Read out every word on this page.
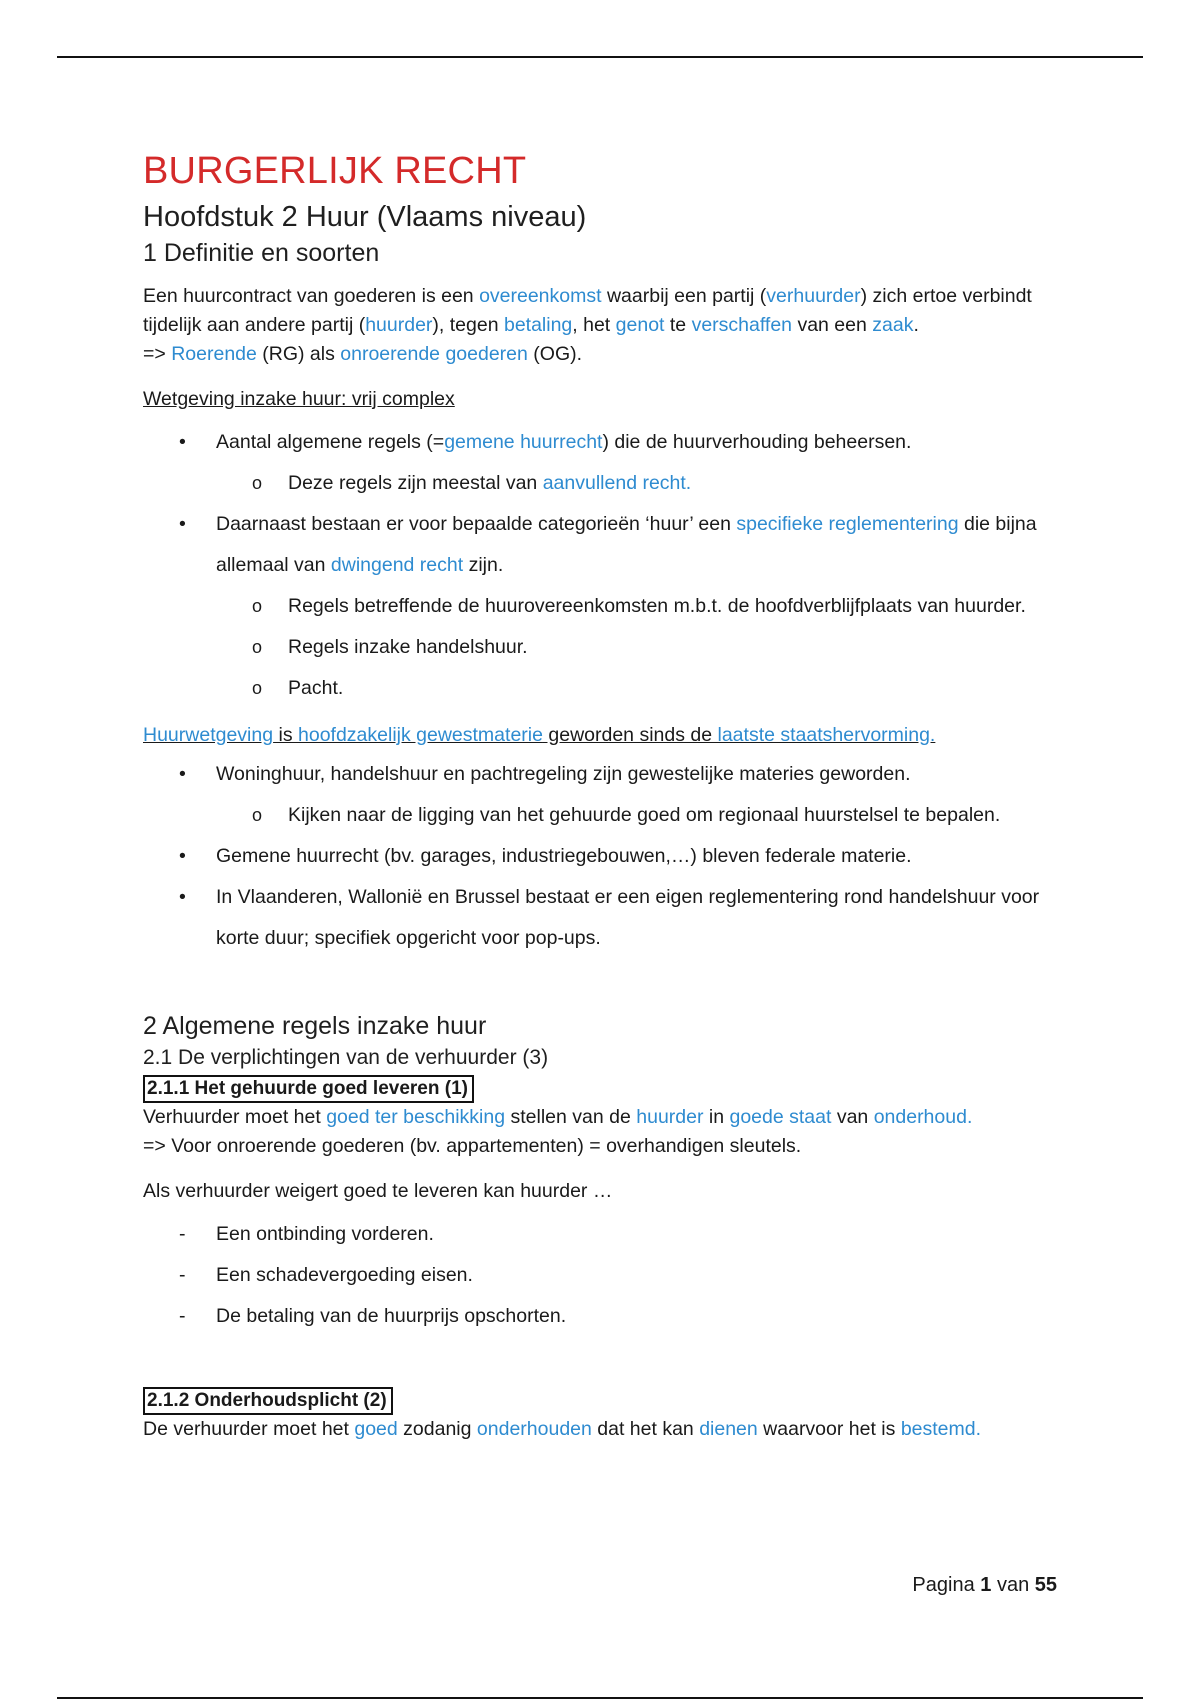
BURGERLIJK RECHT
Hoofdstuk 2 Huur (Vlaams niveau)
1 Definitie en soorten

Een huurcontract van goederen is een overeenkomst waarbij een partij (verhuurder) zich ertoe verbindt tijdelijk aan andere partij (huurder), tegen betaling, het genot te verschaffen van een zaak.

=> Roerende (RG) als onroerende goederen (OG).

Wetgeving inzake huur: vrij complex

•	Aantal algemene regels (=gemene huurrecht) die de huurverhouding beheersen.
o	Deze regels zijn meestal van aanvullend recht.
•	Daarnaast bestaan er voor bepaalde categorieën ‘huur’ een specifieke reglementering die bijna allemaal van dwingend recht zijn.
o	Regels betreffende de huurovereenkomsten m.b.t. de hoofdverblijfplaats van huurder.
o	Regels inzake handelshuur.
o	Pacht.

Huurwetgeving is hoofdzakelijk gewestmaterie geworden sinds de laatste staatshervorming.

•	Woninghuur, handelshuur en pachtregeling zijn gewestelijke materies geworden.
o	Kijken naar de ligging van het gehuurde goed om regionaal huurstelsel te bepalen.
•	Gemene huurrecht (bv. garages, industriegebouwen,…) bleven federale materie.
•	In Vlaanderen, Wallonië en Brussel bestaat er een eigen reglementering rond handelshuur voor korte duur; specifiek opgericht voor pop-ups.
2 Algemene regels inzake huur
2.1 De verplichtingen van de verhuurder (3)
2.1.1 Het gehuurde goed leveren (1)

Verhuurder moet het goed ter beschikking stellen van de huurder in goede staat van onderhoud.

=> Voor onroerende goederen (bv. appartementen) = overhandigen sleutels.

Als verhuurder weigert goed te leveren kan huurder …

-	Een ontbinding vorderen.
-	Een schadevergoeding eisen.
-	De betaling van de huurprijs opschorten.
2.1.2 Onderhoudsplicht (2)

De verhuurder moet het goed zodanig onderhouden dat het kan dienen waarvoor het is bestemd.

Pagina 1 van 55
